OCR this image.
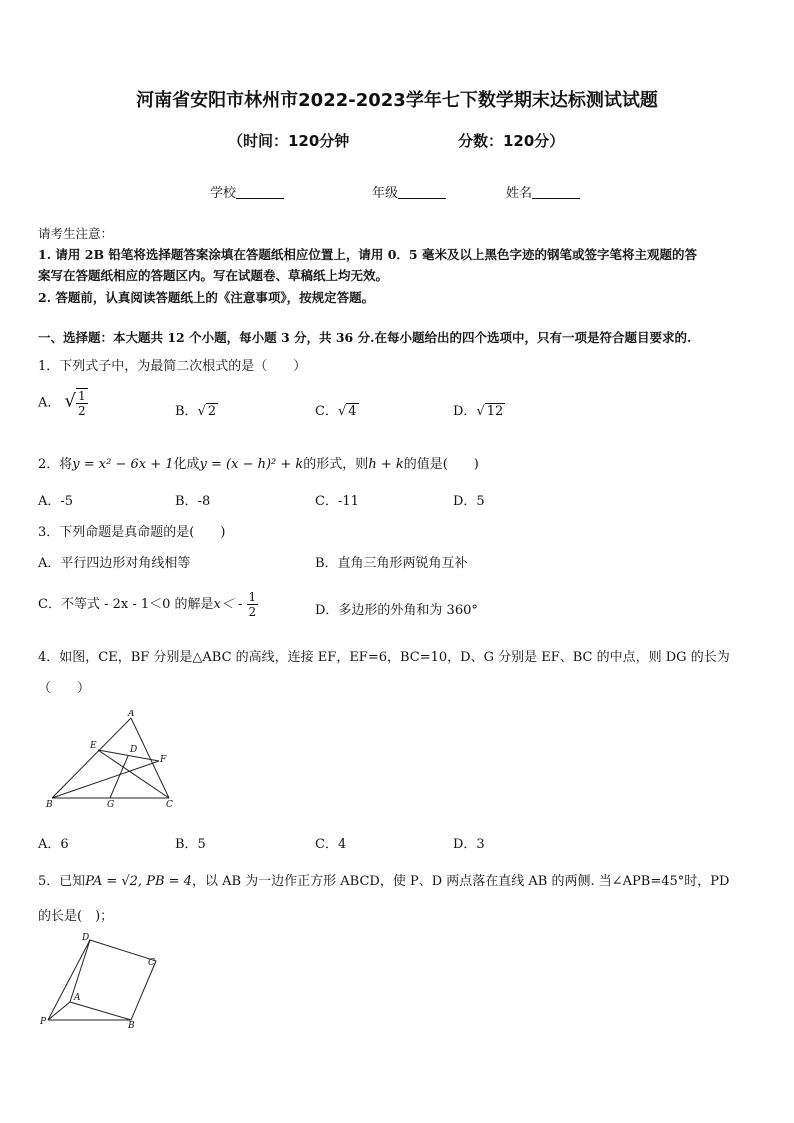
河南省安阳市林州市2022-2023学年七下数学期末达标测试试题
（时间：120分钟	分数：120分）
学校	年级	姓名
请考生注意：
1. 请用 2B 铅笔将选择题答案涂填在答题纸相应位置上，请用 0．5 毫米及以上黑色字迹的钢笔或签字笔将主观题的答
案写在答题纸相应的答题区内。写在试题卷、草稿纸上均无效。
2. 答题前，认真阅读答题纸上的《注意事项》，按规定答题。
一、选择题：本大题共 12 个小题，每小题 3 分，共 36 分.在每小题给出的四个选项中，只有一项是符合题目要求的.
1．下列式子中，为最简二次根式的是（　　）
A． √ $\frac{1}{2}$	B．√ 2	C．√ 4	D．√ 12
2．将y = x² − 6x + 1化成y = (x − h)² + k的形式，则h + k的值是(　　)
A．-5	B．-8	C．-11	D．5
3．下列命题是真命题的是(　　)
A．平行四边形对角线相等	B．直角三角形两锐角互补
C．不等式 - 2x - 1＜0 的解是$x< - \frac{1}{2}$	D．多边形的外角和为 360°
4．如图，CE，BF 分别是△ABC 的高线，连接 EF，EF=6，BC=10，D、G 分别是 EF、BC 的中点，则 DG 的长为
（　　）
A
E	D
F
B	G	C
A．6	B．5	C．4	D．3
5．已知PA = √2, PB = 4，以 AB 为一边作正方形 ABCD，使 P、D 两点落在直线 AB 的两侧. 当∠APB=45°时，PD
的长是(　)；
D
C
A
P	B
